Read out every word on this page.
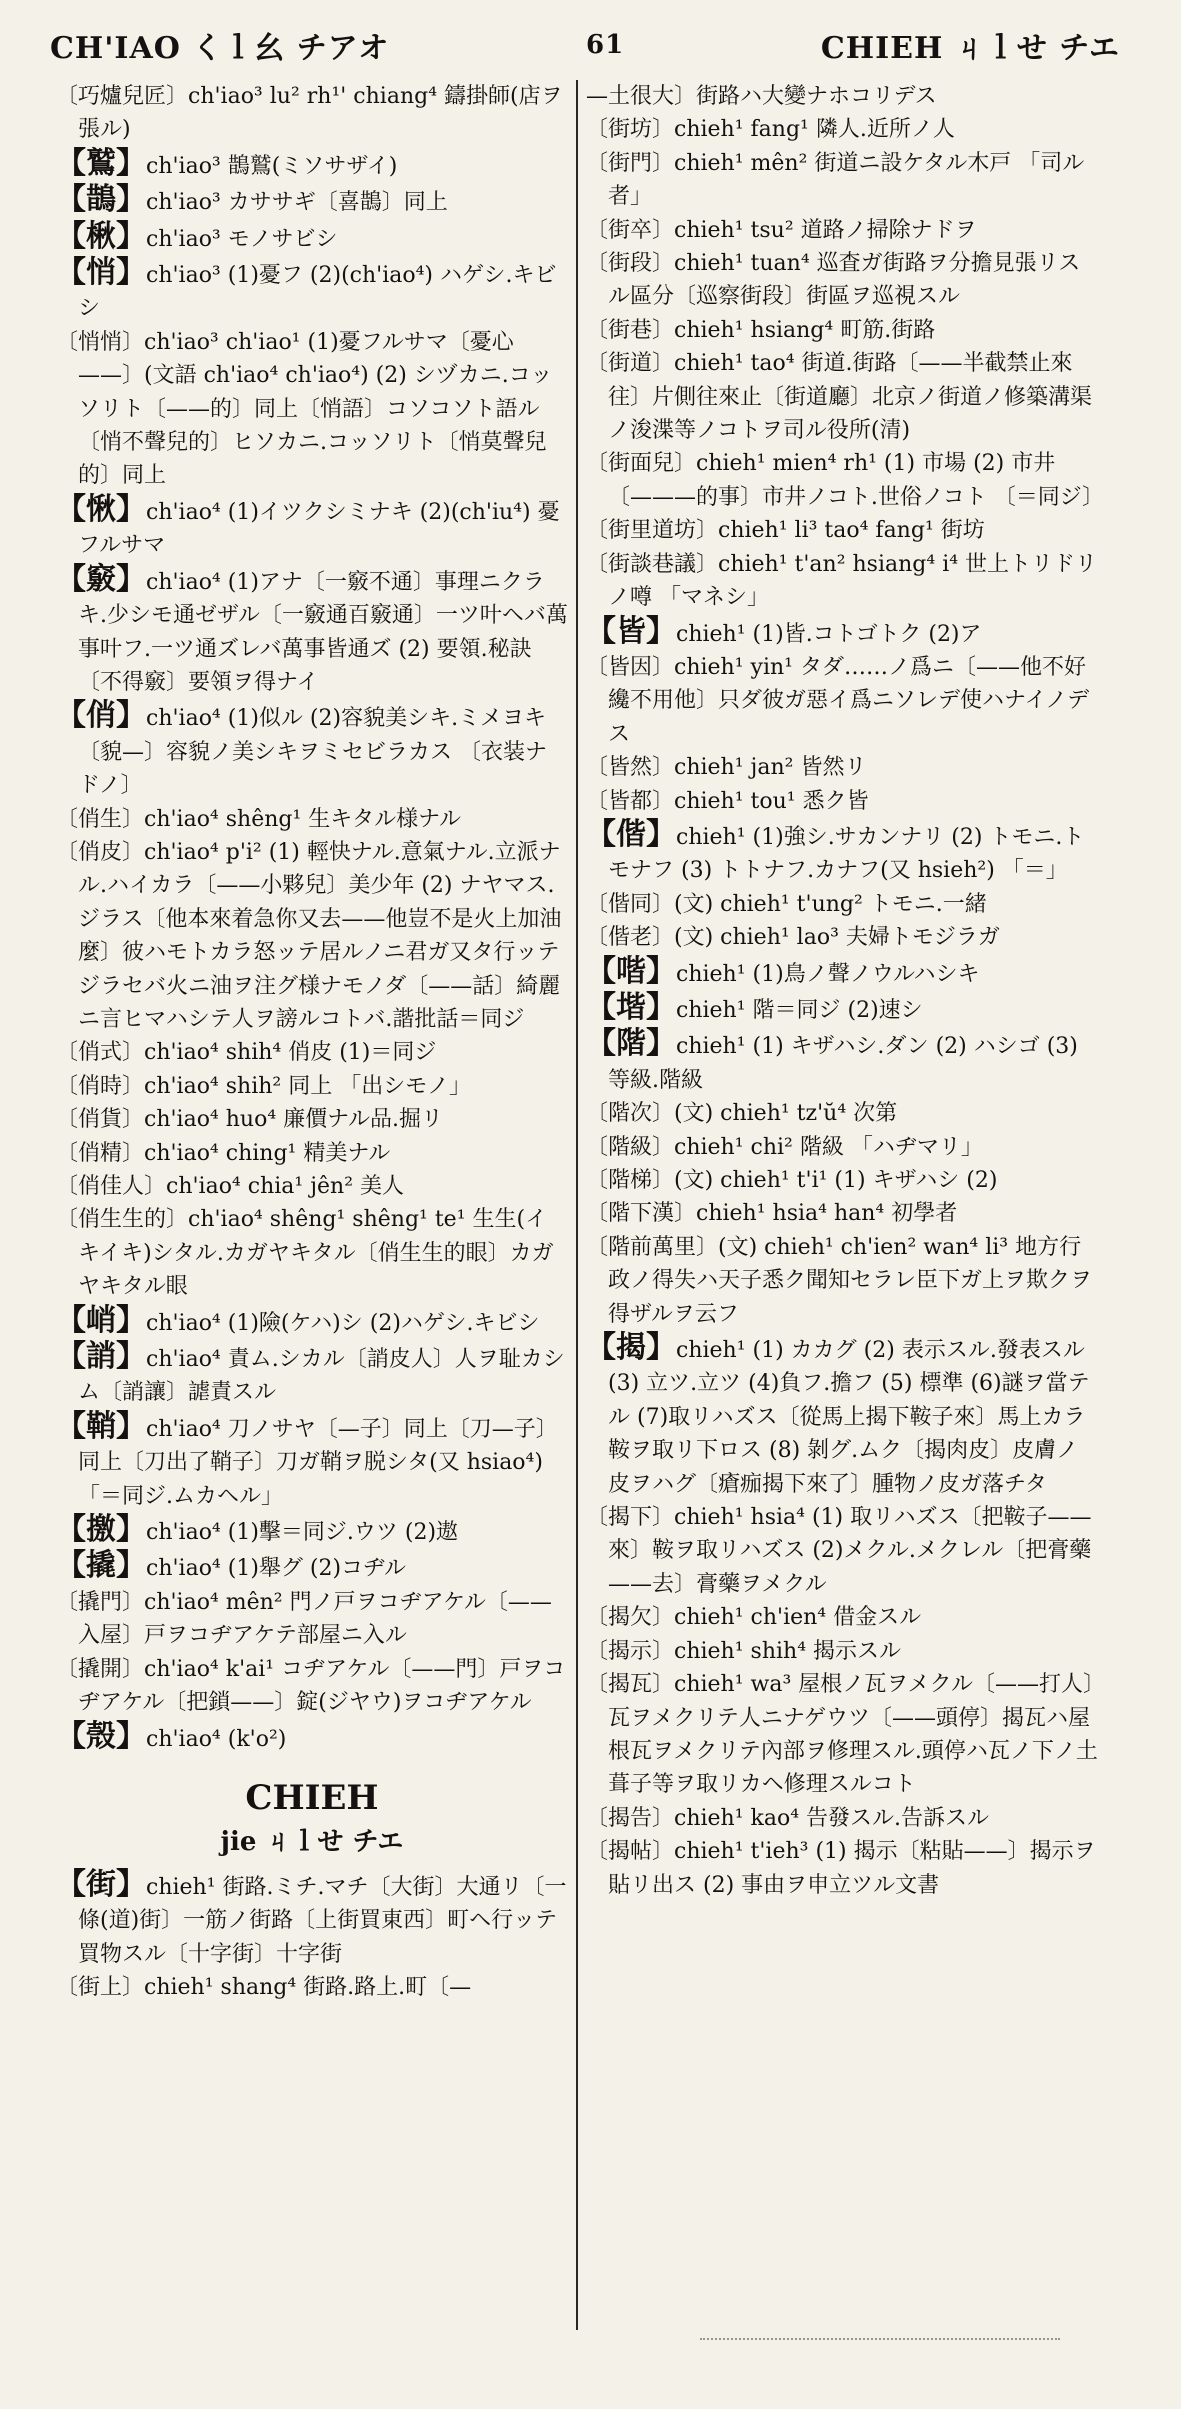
CH'IAO くｌ幺 チアオ	61	CHIEH ㄐｌせ チエ
〔巧爐兒匠〕ch'iao³ lu² rh¹' chiang⁴ 鑄掛師(店ヲ張ル)
【鷲】ch'iao³ 鵲鷲(ミソサザイ)
【鵲】ch'iao³ カササギ〔喜鵲〕同上
【楸】ch'iao³ モノサビシ
【悄】ch'iao³ (1)憂フ (2)(ch'iao⁴) ハゲシ.キビシ
〔悄悄〕ch'iao³ ch'iao¹ (1)憂フルサマ〔憂心——〕(文語 ch'iao⁴ ch'iao⁴) (2) シヅカニ.コッソリト〔——的〕同上〔悄語〕コソコソト語ル〔悄不聲兒的〕ヒソカニ.コッソリト〔悄莫聲兒的〕同上
【愀】ch'iao⁴ (1)イツクシミナキ (2)(ch'iu⁴) 憂フルサマ
【竅】ch'iao⁴ (1)アナ〔一竅不通〕事理ニクラキ.少シモ通ゼザル〔一竅通百竅通〕一ツ叶ヘバ萬事叶フ.一ツ通ズレバ萬事皆通ズ (2) 要領.秘訣〔不得竅〕要領ヲ得ナイ
【俏】ch'iao⁴ (1)似ル (2)容貌美シキ.ミメヨキ〔貌—〕容貌ノ美シキヲミセビラカス 〔衣装ナドノ〕
〔俏生〕ch'iao⁴ shêng¹ 生キタル様ナル
〔俏皮〕ch'iao⁴ p'i² (1) 輕快ナル.意氣ナル.立派ナル.ハイカラ〔——小夥兒〕美少年 (2) ナヤマス.ジラス〔他本來着急你又去——他豈不是火上加油麼〕彼ハモトカラ怒ッテ居ルノニ君ガ又タ行ッテジラセバ火ニ油ヲ注グ様ナモノダ〔——話〕綺麗ニ言ヒマハシテ人ヲ謗ルコトバ.諧批話＝同ジ
〔俏式〕ch'iao⁴ shih⁴ 俏皮 (1)＝同ジ
〔俏時〕ch'iao⁴ shih² 同上 「出シモノ」
〔俏貨〕ch'iao⁴ huo⁴ 廉價ナル品.掘リ
〔俏精〕ch'iao⁴ ching¹ 精美ナル
〔俏佳人〕ch'iao⁴ chia¹ jên² 美人
〔俏生生的〕ch'iao⁴ shêng¹ shêng¹ te¹ 生生(イキイキ)シタル.カガヤキタル〔俏生生的眼〕カガヤキタル眼
【峭】ch'iao⁴ (1)險(ケハ)シ (2)ハゲシ.キビシ
【誚】ch'iao⁴ 責ム.シカル〔誚皮人〕人ヲ耻カシム〔誚讓〕謔責スル
【鞘】ch'iao⁴ 刀ノサヤ〔—子〕同上〔刀—子〕同上〔刀出了鞘子〕刀ガ鞘ヲ脱シタ(又 hsiao⁴) 「＝同ジ.ムカヘル」
【撽】ch'iao⁴ (1)擊＝同ジ.ウツ (2)遨
【撬】ch'iao⁴ (1)舉グ (2)コヂル
〔撬門〕ch'iao⁴ mên² 門ノ戸ヲコヂアケル〔——入屋〕戸ヲコヂアケテ部屋ニ入ル
〔撬開〕ch'iao⁴ k'ai¹ コヂアケル〔——門〕戸ヲコヂアケル〔把鎖——〕錠(ジヤウ)ヲコヂアケル
【殼】ch'iao⁴ (k'o²)
CHIEH
jie ㄐｌせ チエ
【街】chieh¹ 街路.ミチ.マチ〔大街〕大通リ〔一條(道)街〕一筋ノ街路〔上街買東西〕町ヘ行ッテ買物スル〔十字街〕十字街
〔街上〕chieh¹ shang⁴ 街路.路上.町〔—
—土很大〕街路ハ大變ナホコリデス
〔街坊〕chieh¹ fang¹ 隣人.近所ノ人
〔街門〕chieh¹ mên² 街道ニ設ケタル木戸 「司ル者」
〔街卒〕chieh¹ tsu² 道路ノ掃除ナドヲ
〔街段〕chieh¹ tuan⁴ 巡査ガ街路ヲ分擔見張リスル區分〔巡察街段〕街區ヲ巡視スル
〔街巷〕chieh¹ hsiang⁴ 町筋.街路
〔街道〕chieh¹ tao⁴ 街道.街路〔——半截禁止來往〕片側往來止〔街道廳〕北京ノ街道ノ修築溝渠ノ浚渫等ノコトヲ司ル役所(清)
〔街面兒〕chieh¹ mien⁴ rh¹ (1) 市場 (2) 市井〔———的事〕市井ノコト.世俗ノコト 〔＝同ジ〕
〔街里道坊〕chieh¹ li³ tao⁴ fang¹ 街坊
〔街談巷議〕chieh¹ t'an² hsiang⁴ i⁴ 世上トリドリノ噂 「マネシ」
【皆】chieh¹ (1)皆.コトゴトク (2)ア
〔皆因〕chieh¹ yin¹ タダ……ノ爲ニ〔——他不好纔不用他〕只ダ彼ガ惡イ爲ニソレデ使ハナイノデス
〔皆然〕chieh¹ jan² 皆然リ
〔皆都〕chieh¹ tou¹ 悉ク皆
【偕】chieh¹ (1)強シ.サカンナリ (2) トモニ.トモナフ (3) トトナフ.カナフ(又 hsieh²) 「＝」
〔偕同〕(文) chieh¹ t'ung² トモニ.一緒
〔偕老〕(文) chieh¹ lao³ 夫婦トモジラガ
【喈】chieh¹ (1)鳥ノ聲ノウルハシキ
【堦】chieh¹ 階＝同ジ (2)速シ
【階】chieh¹ (1) キザハシ.ダン (2) ハシゴ (3) 等級.階級
〔階次〕(文) chieh¹ tz'ŭ⁴ 次第
〔階級〕chieh¹ chi² 階級 「ハヂマリ」
〔階梯〕(文) chieh¹ t'i¹ (1) キザハシ (2)
〔階下漢〕chieh¹ hsia⁴ han⁴ 初學者
〔階前萬里〕(文) chieh¹ ch'ien² wan⁴ li³ 地方行政ノ得失ハ天子悉ク聞知セラレ臣下ガ上ヲ欺クヲ得ザルヲ云フ
【揭】chieh¹ (1) カカグ (2) 表示スル.發表スル (3) 立ツ.立ツ (4)負フ.擔フ (5) 標準 (6)謎ヲ當テル (7)取リハズス〔從馬上揭下鞍子來〕馬上カラ鞍ヲ取リ下ロス (8) 剝グ.ムク〔揭肉皮〕皮膚ノ皮ヲハグ〔瘡痂揭下來了〕腫物ノ皮ガ落チタ
〔揭下〕chieh¹ hsia⁴ (1) 取リハズス〔把鞍子——來〕鞍ヲ取リハズス (2)メクル.メクレル〔把膏藥——去〕膏藥ヲメクル
〔揭欠〕chieh¹ ch'ien⁴ 借金スル
〔揭示〕chieh¹ shih⁴ 揭示スル
〔揭瓦〕chieh¹ wa³ 屋根ノ瓦ヲメクル〔——打人〕瓦ヲメクリテ人ニナゲウツ〔——頭停〕揭瓦ハ屋根瓦ヲメクリテ內部ヲ修理スル.頭停ハ瓦ノ下ノ土葺子等ヲ取リカヘ修理スルコト
〔揭告〕chieh¹ kao⁴ 告發スル.告訴スル
〔揭帖〕chieh¹ t'ieh³ (1) 揭示〔粘貼——〕揭示ヲ貼リ出ス (2) 事由ヲ申立ツル文書
